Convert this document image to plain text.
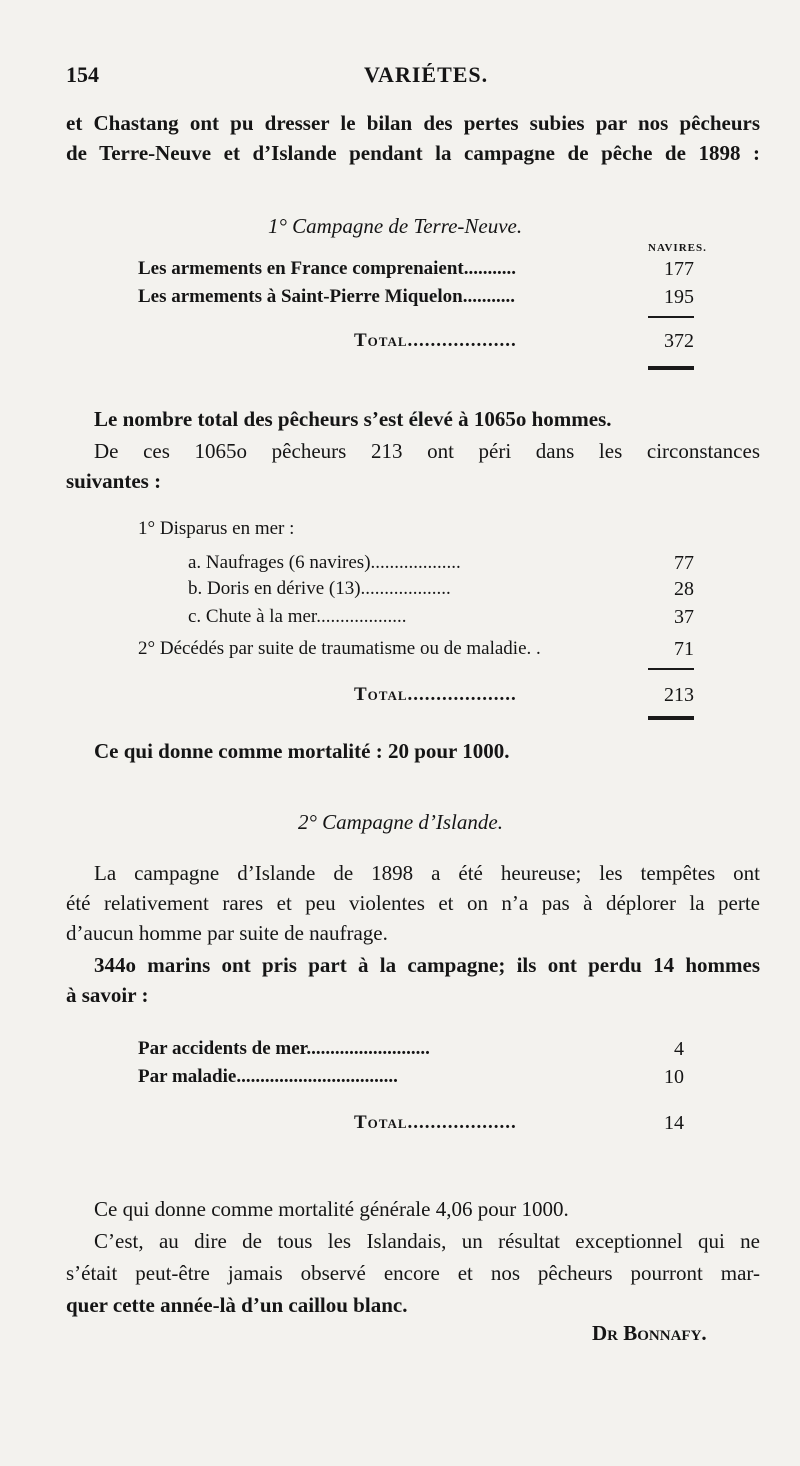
154	VARIÉTES.
et Chastang ont pu dresser le bilan des pertes subies par nos pêcheurs
de Terre-Neuve et d’Islande pendant la campagne de pêche de 1898 :
1° Campagne de Terre-Neuve.
NAVIRES.
Les armements en France comprenaient...........	177
Les armements à Saint-Pierre Miquelon...........	195
Total...................	372
Le nombre total des pêcheurs s’est élevé à 1065o hommes.
De ces 1065o pêcheurs 213 ont péri dans les circonstances
suivantes :
1° Disparus en mer :
a. Naufrages (6 navires)...................	77
b. Doris en dérive (13)...................	28
c. Chute à la mer...................	37
2° Décédés par suite de traumatisme ou de maladie. .	71
Total...................	213
Ce qui donne comme mortalité : 20 pour 1000.
2° Campagne d’Islande.
La campagne d’Islande de 1898 a été heureuse; les tempêtes ont
été relativement rares et peu violentes et on n’a pas à déplorer la perte
d’aucun homme par suite de naufrage.
344o marins ont pris part à la campagne; ils ont perdu 14 hommes
à savoir :
Par accidents de mer..........................	4
Par maladie..................................	10
Total...................	14
Ce qui donne comme mortalité générale 4,06 pour 1000.
C’est, au dire de tous les Islandais, un résultat exceptionnel qui ne
s’était peut-être jamais observé encore et nos pêcheurs pourront mar-
quer cette année-là d’un caillou blanc.
Dr Bonnafy.
